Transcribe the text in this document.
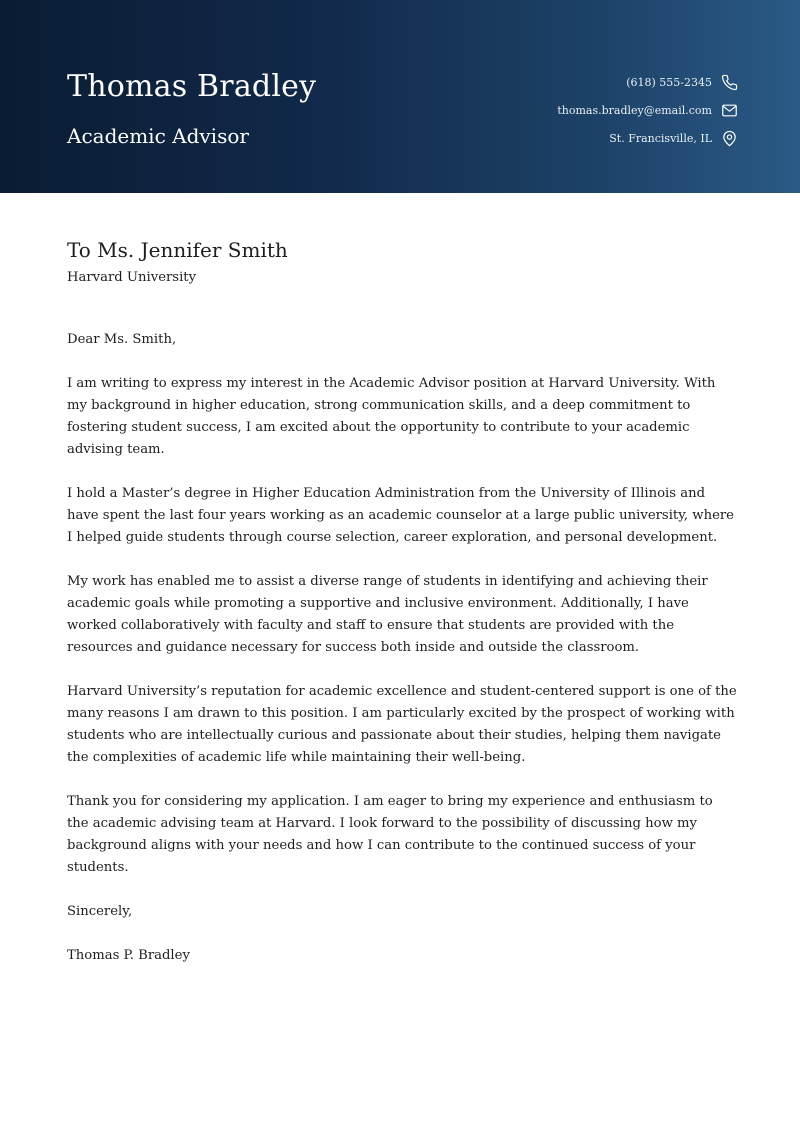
Thomas Bradley
Academic Advisor
(618) 555-2345
thomas.bradley@email.com
St. Francisville, IL
To Ms. Jennifer Smith
Harvard University

Dear Ms. Smith,

I am writing to express my interest in the Academic Advisor position at Harvard University. With my background in higher education, strong communication skills, and a deep commitment to fostering student success, I am excited about the opportunity to contribute to your academic advising team.

I hold a Master’s degree in Higher Education Administration from the University of Illinois and have spent the last four years working as an academic counselor at a large public university, where I helped guide students through course selection, career exploration, and personal development.

My work has enabled me to assist a diverse range of students in identifying and achieving their academic goals while promoting a supportive and inclusive environment. Additionally, I have worked collaboratively with faculty and staff to ensure that students are provided with the resources and guidance necessary for success both inside and outside the classroom.

Harvard University’s reputation for academic excellence and student-centered support is one of the many reasons I am drawn to this position. I am particularly excited by the prospect of working with students who are intellectually curious and passionate about their studies, helping them navigate the complexities of academic life while maintaining their well-being.

Thank you for considering my application. I am eager to bring my experience and enthusiasm to the academic advising team at Harvard. I look forward to the possibility of discussing how my background aligns with your needs and how I can contribute to the continued success of your students.

Sincerely,

Thomas P. Bradley
